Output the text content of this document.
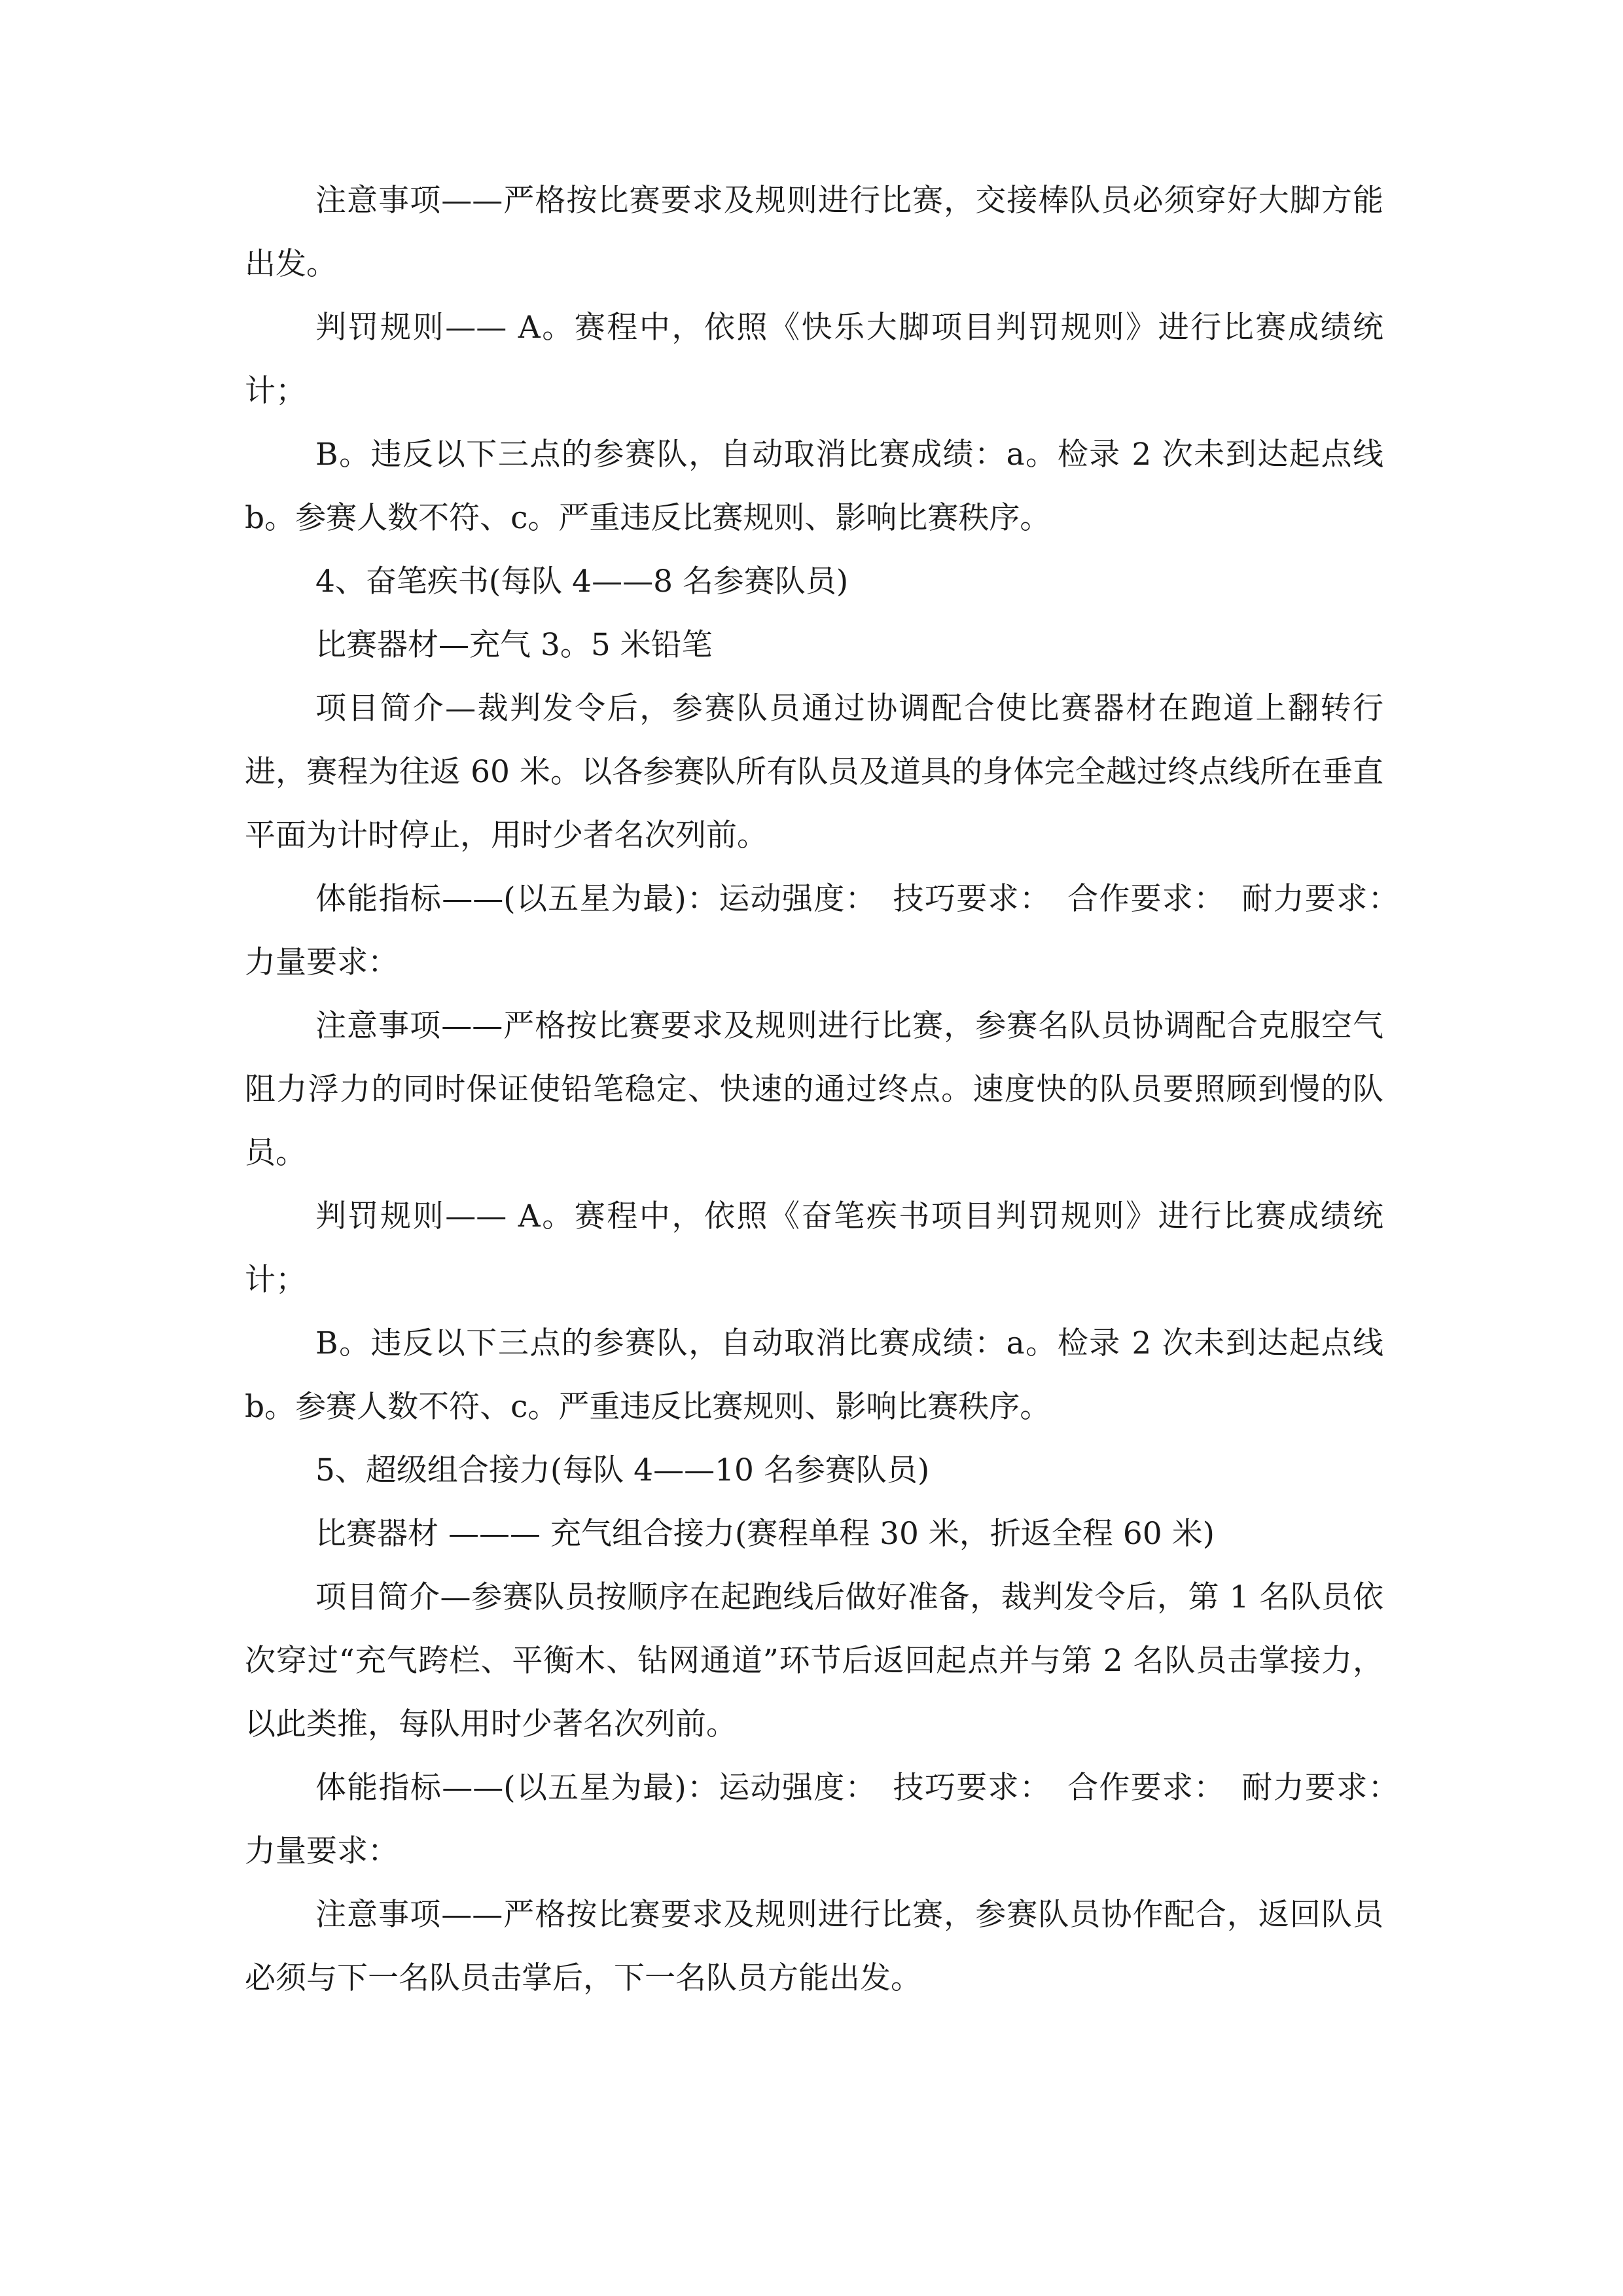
注意事项——严格按比赛要求及规则进行比赛，交接棒队员必须穿好大脚方能出发。

判罚规则—— A。赛程中，依照《快乐大脚项目判罚规则》进行比赛成绩统计；

B。违反以下三点的参赛队，自动取消比赛成绩：a。检录 2 次未到达起点线 b。参赛人数不符、c。严重违反比赛规则、影响比赛秩序。

4、奋笔疾书(每队 4——8 名参赛队员)

比赛器材—充气 3。5 米铅笔

项目简介—裁判发令后，参赛队员通过协调配合使比赛器材在跑道上翻转行进，赛程为往返 60 米。以各参赛队所有队员及道具的身体完全越过终点线所在垂直平面为计时停止，用时少者名次列前。

体能指标——(以五星为最)：运动强度：　技巧要求：　合作要求：　耐力要求：　力量要求：

注意事项——严格按比赛要求及规则进行比赛，参赛名队员协调配合克服空气阻力浮力的同时保证使铅笔稳定、快速的通过终点。速度快的队员要照顾到慢的队员。

判罚规则—— A。赛程中，依照《奋笔疾书项目判罚规则》进行比赛成绩统计；

B。违反以下三点的参赛队，自动取消比赛成绩：a。检录 2 次未到达起点线 b。参赛人数不符、c。严重违反比赛规则、影响比赛秩序。

5、超级组合接力(每队 4——10 名参赛队员)

比赛器材 ——— 充气组合接力(赛程单程 30 米，折返全程 60 米)

项目简介—参赛队员按顺序在起跑线后做好准备，裁判发令后，第 1 名队员依次穿过“充气跨栏、平衡木、钻网通道”环节后返回起点并与第 2 名队员击掌接力，以此类推，每队用时少著名次列前。

体能指标——(以五星为最)：运动强度：　技巧要求：　合作要求：　耐力要求：　力量要求：

注意事项——严格按比赛要求及规则进行比赛，参赛队员协作配合，返回队员必须与下一名队员击掌后，下一名队员方能出发。
